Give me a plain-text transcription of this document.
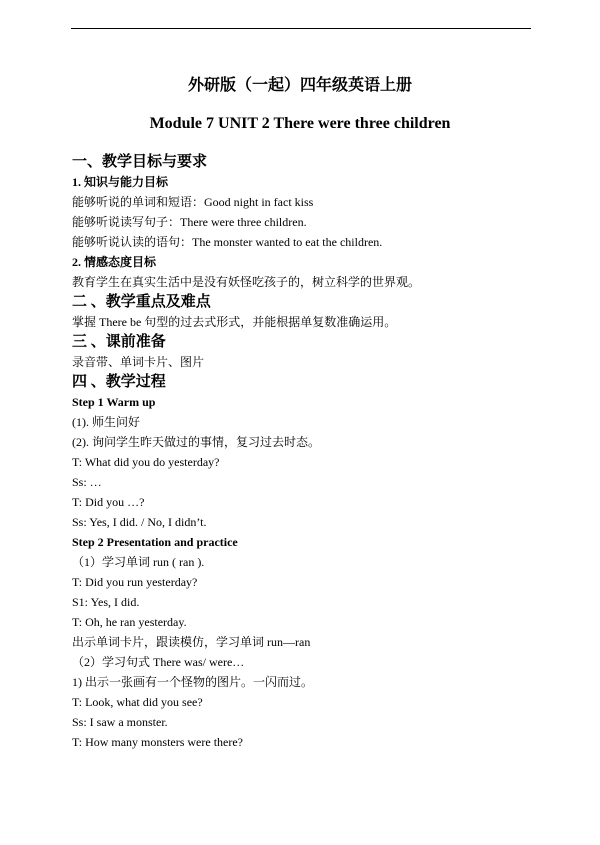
外研版（一起）四年级英语上册
Module 7 UNIT 2 There were three children
一、教学目标与要求
1. 知识与能力目标
能够听说的单词和短语：Good night in fact kiss
能够听说读写句子：There were three children.
能够听说认读的语句：The monster wanted to eat the children.
2. 情感态度目标
教育学生在真实生活中是没有妖怪吃孩子的，树立科学的世界观。
二 、教学重点及难点
掌握 There be 句型的过去式形式，并能根据单复数准确运用。
三 、课前准备
录音带、单词卡片、图片
四 、教学过程
Step 1 Warm up
(1). 师生问好
(2). 询问学生昨天做过的事情，复习过去时态。
T: What did you do yesterday?
Ss: …
T: Did you …?
Ss: Yes, I did. / No, I didn’t.
Step 2 Presentation and practice
（1）学习单词 run ( ran ).
T: Did you run yesterday?
S1: Yes, I did.
T: Oh, he ran yesterday.
出示单词卡片，跟读模仿，学习单词 run—ran
（2）学习句式 There was/ were…
1) 出示一张画有一个怪物的图片。一闪而过。
T: Look, what did you see?
Ss: I saw a monster.
T: How many monsters were there?
